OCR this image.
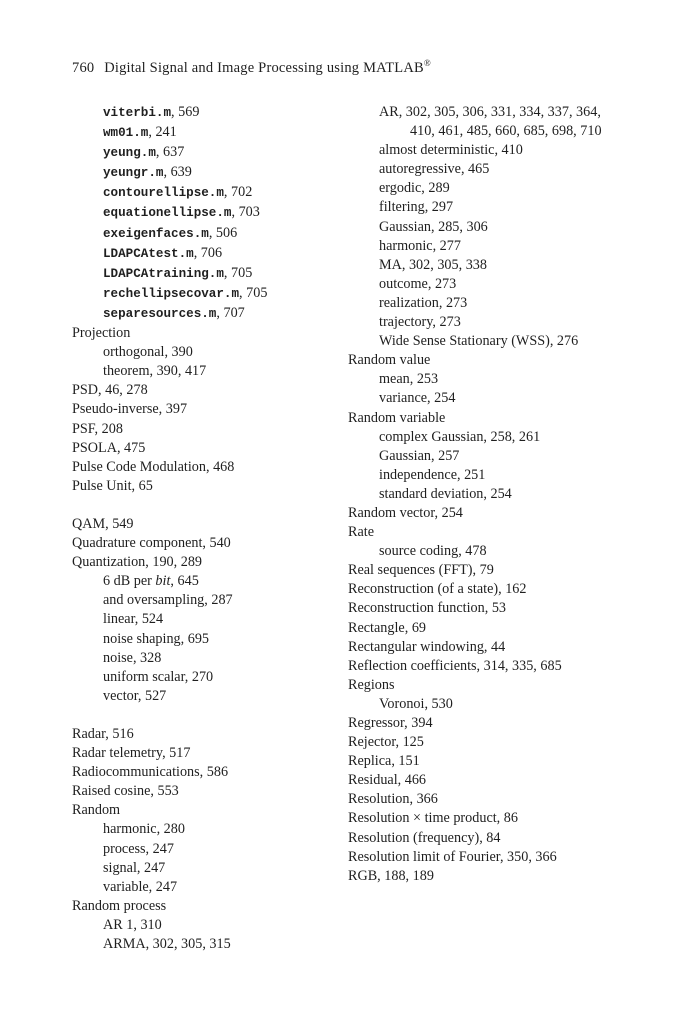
760 Digital Signal and Image Processing using MATLAB®
viterbi.m, 569
wm01.m, 241
yeung.m, 637
yeungr.m, 639
contourellipse.m, 702
equationellipse.m, 703
exeigenfaces.m, 506
LDAPCAtest.m, 706
LDAPCAtraining.m, 705
rechellipsecovar.m, 705
separesources.m, 707
Projection
orthogonal, 390
theorem, 390, 417
PSD, 46, 278
Pseudo-inverse, 397
PSF, 208
PSOLA, 475
Pulse Code Modulation, 468
Pulse Unit, 65
QAM, 549
Quadrature component, 540
Quantization, 190, 289
6 dB per bit, 645
and oversampling, 287
linear, 524
noise shaping, 695
noise, 328
uniform scalar, 270
vector, 527
Radar, 516
Radar telemetry, 517
Radiocommunications, 586
Raised cosine, 553
Random
harmonic, 280
process, 247
signal, 247
variable, 247
Random process
AR 1, 310
ARMA, 302, 305, 315
AR, 302, 305, 306, 331, 334, 337, 364, 410, 461, 485, 660, 685, 698, 710
almost deterministic, 410
autoregressive, 465
ergodic, 289
filtering, 297
Gaussian, 285, 306
harmonic, 277
MA, 302, 305, 338
outcome, 273
realization, 273
trajectory, 273
Wide Sense Stationary (WSS), 276
Random value
mean, 253
variance, 254
Random variable
complex Gaussian, 258, 261
Gaussian, 257
independence, 251
standard deviation, 254
Random vector, 254
Rate
source coding, 478
Real sequences (FFT), 79
Reconstruction (of a state), 162
Reconstruction function, 53
Rectangle, 69
Rectangular windowing, 44
Reflection coefficients, 314, 335, 685
Regions
Voronoi, 530
Regressor, 394
Rejector, 125
Replica, 151
Residual, 466
Resolution, 366
Resolution × time product, 86
Resolution (frequency), 84
Resolution limit of Fourier, 350, 366
RGB, 188, 189
